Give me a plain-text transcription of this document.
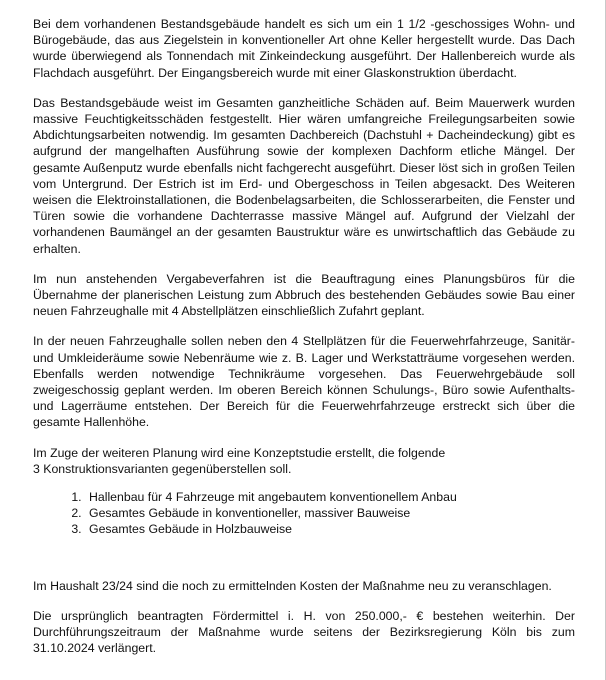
Bei dem vorhandenen Bestandsgebäude handelt es sich um ein 1 1/2 -geschossiges Wohn- und Bürogebäude, das aus Ziegelstein in konventioneller Art ohne Keller hergestellt wurde. Das Dach wurde überwiegend als Tonnendach mit Zinkeindeckung ausgeführt. Der Hallenbereich wurde als Flachdach ausgeführt. Der Eingangsbereich wurde mit einer Glaskonstruktion überdacht.

Das Bestandsgebäude weist im Gesamten ganzheitliche Schäden auf. Beim Mauerwerk wurden massive Feuchtigkeitsschäden festgestellt. Hier wären umfangreiche Freilegungsarbeiten sowie Abdichtungsarbeiten notwendig. Im gesamten Dachbereich (Dachstuhl + Dacheindeckung) gibt es aufgrund der mangelhaften Ausführung sowie der komplexen Dachform etliche Mängel. Der gesamte Außenputz wurde ebenfalls nicht fachgerecht ausgeführt. Dieser löst sich in großen Teilen vom Untergrund. Der Estrich ist im Erd- und Obergeschoss in Teilen abgesackt. Des Weiteren weisen die Elektroinstallationen, die Bodenbelagsarbeiten, die Schlosserarbeiten, die Fenster und Türen sowie die vorhandene Dachterrasse massive Mängel auf. Aufgrund der Vielzahl der vorhandenen Baumängel an der gesamten Baustruktur wäre es unwirtschaftlich das Gebäude zu erhalten.

Im nun anstehenden Vergabeverfahren ist die Beauftragung eines Planungsbüros für die Übernahme der planerischen Leistung zum Abbruch des bestehenden Gebäudes sowie Bau einer neuen Fahrzeughalle mit 4 Abstellplätzen einschließlich Zufahrt geplant.

In der neuen Fahrzeughalle sollen neben den 4 Stellplätzen für die Feuerwehrfahrzeuge, Sanitär- und Umkleideräume sowie Nebenräume wie z. B. Lager und Werkstatträume vorgesehen werden. Ebenfalls werden notwendige Technikräume vorgesehen. Das Feuerwehrgebäude soll zweigeschossig geplant werden. Im oberen Bereich können Schulungs-, Büro sowie Aufenthalts- und Lagerräume entstehen. Der Bereich für die Feuerwehrfahrzeuge erstreckt sich über die gesamte Hallenhöhe.

Im Zuge der weiteren Planung wird eine Konzeptstudie erstellt, die folgende 3 Konstruktionsvarianten gegenüberstellen soll.

1. Hallenbau für 4 Fahrzeuge mit angebautem konventionellem Anbau
2. Gesamtes Gebäude in konventioneller, massiver Bauweise
3. Gesamtes Gebäude in Holzbauweise

Im Haushalt 23/24 sind die noch zu ermittelnden Kosten der Maßnahme neu zu veranschlagen.

Die ursprünglich beantragten Fördermittel i. H. von 250.000,- € bestehen weiterhin. Der Durchführungszeitraum der Maßnahme wurde seitens der Bezirksregierung Köln bis zum 31.10.2024 verlängert.
